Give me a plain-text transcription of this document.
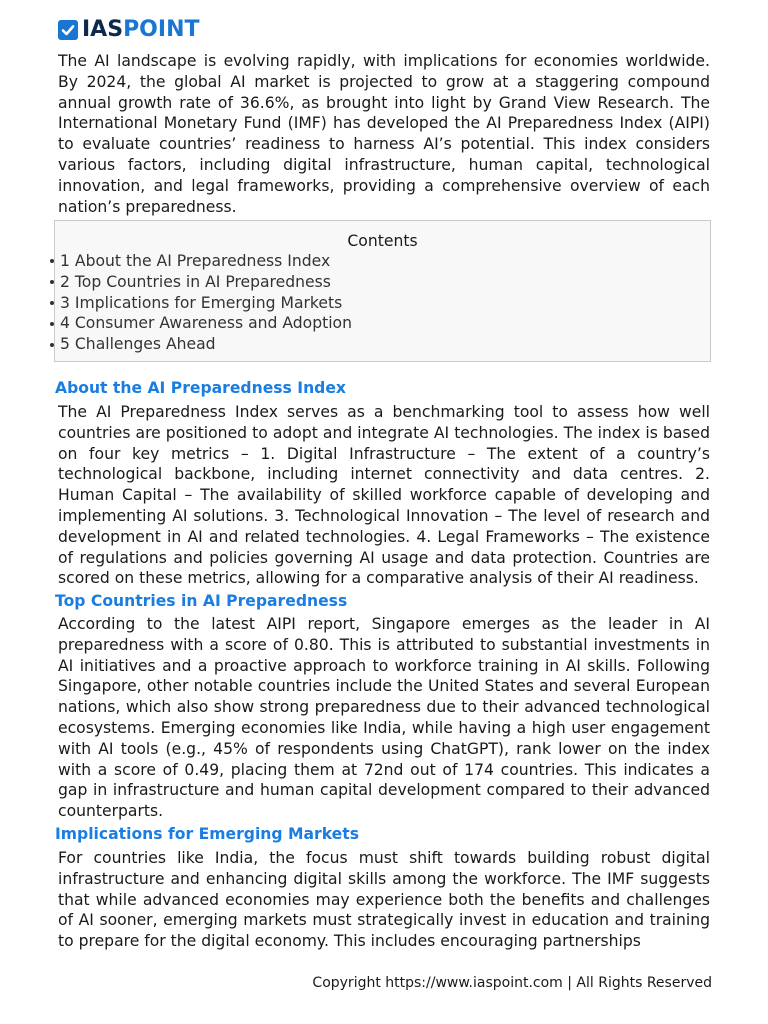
IASPOINT

The AI landscape is evolving rapidly, with implications for economies worldwide. By 2024, the global AI market is projected to grow at a staggering compound annual growth rate of 36.6%, as brought into light by Grand View Research. The International Monetary Fund (IMF) has developed the AI Preparedness Index (AIPI) to evaluate countries’ readiness to harness AI’s potential. This index considers various factors, including digital infrastructure, human capital, technological innovation, and legal frameworks, providing a comprehensive overview of each nation’s preparedness.

Contents
1 About the AI Preparedness Index
2 Top Countries in AI Preparedness
3 Implications for Emerging Markets
4 Consumer Awareness and Adoption
5 Challenges Ahead
About the AI Preparedness Index

The AI Preparedness Index serves as a benchmarking tool to assess how well countries are positioned to adopt and integrate AI technologies. The index is based on four key metrics – 1. Digital Infrastructure – The extent of a country’s technological backbone, including internet connectivity and data centres. 2. Human Capital – The availability of skilled workforce capable of developing and implementing AI solutions. 3. Technological Innovation – The level of research and development in AI and related technologies. 4. Legal Frameworks – The existence of regulations and policies governing AI usage and data protection. Countries are scored on these metrics, allowing for a comparative analysis of their AI readiness.

Top Countries in AI Preparedness

According to the latest AIPI report, Singapore emerges as the leader in AI preparedness with a score of 0.80. This is attributed to substantial investments in AI initiatives and a proactive approach to workforce training in AI skills. Following Singapore, other notable countries include the United States and several European nations, which also show strong preparedness due to their advanced technological ecosystems. Emerging economies like India, while having a high user engagement with AI tools (e.g., 45% of respondents using ChatGPT), rank lower on the index with a score of 0.49, placing them at 72nd out of 174 countries. This indicates a gap in infrastructure and human capital development compared to their advanced counterparts.

Implications for Emerging Markets

For countries like India, the focus must shift towards building robust digital infrastructure and enhancing digital skills among the workforce. The IMF suggests that while advanced economies may experience both the benefits and challenges of AI sooner, emerging markets must strategically invest in education and training to prepare for the digital economy. This includes encouraging partnerships

Copyright https://www.iaspoint.com | All Rights Reserved
